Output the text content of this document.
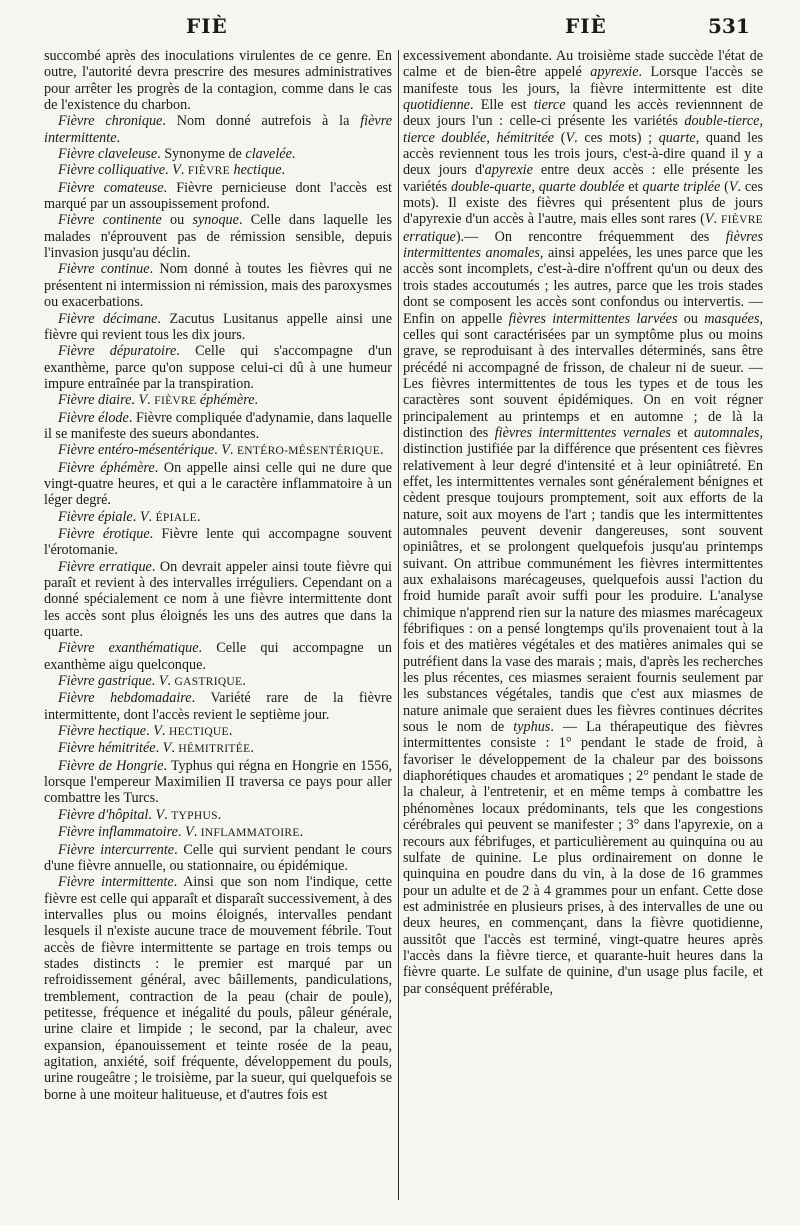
FIÈ	FIÈ	531

succombé après des inoculations virulentes de ce genre. En outre, l'autorité devra prescrire des mesures administratives pour arrêter les progrès de la contagion, comme dans le cas de l'existence du charbon.

Fièvre chronique. Nom donné autrefois à la fièvre intermittente.

Fièvre claveleuse. Synonyme de clavelée.

Fièvre colliquative. V. FIÈVRE hectique.

Fièvre comateuse. Fièvre pernicieuse dont l'accès est marqué par un assoupissement profond.

Fièvre continente ou synoque. Celle dans laquelle les malades n'éprouvent pas de rémission sensible, depuis l'invasion jusqu'au déclin.

Fièvre continue. Nom donné à toutes les fièvres qui ne présentent ni intermission ni rémission, mais des paroxysmes ou exacerbations.

Fièvre décimane. Zacutus Lusitanus appelle ainsi une fièvre qui revient tous les dix jours.

Fièvre dépuratoire. Celle qui s'accompagne d'un exanthème, parce qu'on suppose celui-ci dû à une humeur impure entraînée par la transpiration.

Fièvre diaire. V. FIÈVRE éphémère.

Fièvre élode. Fièvre compliquée d'adynamie, dans laquelle il se manifeste des sueurs abondantes.

Fièvre entéro-mésentérique. V. ENTÉRO-MÉSENTÉRIQUE.

Fièvre éphémère. On appelle ainsi celle qui ne dure que vingt-quatre heures, et qui a le caractère inflammatoire à un léger degré.

Fièvre épiale. V. ÉPIALE.

Fièvre érotique. Fièvre lente qui accompagne souvent l'érotomanie.

Fièvre erratique. On devrait appeler ainsi toute fièvre qui paraît et revient à des intervalles irréguliers. Cependant on a donné spécialement ce nom à une fièvre intermittente dont les accès sont plus éloignés les uns des autres que dans la quarte.

Fièvre exanthématique. Celle qui accompagne un exanthème aigu quelconque.

Fièvre gastrique. V. GASTRIQUE.

Fièvre hebdomadaire. Variété rare de la fièvre intermittente, dont l'accès revient le septième jour.

Fièvre hectique. V. HECTIQUE.

Fièvre hémitritée. V. HÉMITRITÉE.

Fièvre de Hongrie. Typhus qui régna en Hongrie en 1556, lorsque l'empereur Maximilien II traversa ce pays pour aller combattre les Turcs.

Fièvre d'hôpital. V. TYPHUS.

Fièvre inflammatoire. V. INFLAMMATOIRE.

Fièvre intercurrente. Celle qui survient pendant le cours d'une fièvre annuelle, ou stationnaire, ou épidémique.

Fièvre intermittente. Ainsi que son nom l'indique, cette fièvre est celle qui apparaît et disparaît successivement, à des intervalles plus ou moins éloignés, intervalles pendant lesquels il n'existe aucune trace de mouvement fébrile. Tout accès de fièvre intermittente se partage en trois temps ou stades distincts : le premier est marqué par un refroidissement général, avec bâillements, pandiculations, tremblement, contraction de la peau (chair de poule), petitesse, fréquence et inégalité du pouls, pâleur générale, urine claire et limpide ; le second, par la chaleur, avec expansion, épanouissement et teinte rosée de la peau, agitation, anxiété, soif fréquente, développement du pouls, urine rougeâtre ; le troisième, par la sueur, qui quelquefois se borne à une moiteur halitueuse, et d'autres fois est

excessivement abondante. Au troisième stade succède l'état de calme et de bien-être appelé apyrexie. Lorsque l'accès se manifeste tous les jours, la fièvre intermittente est dite quotidienne. Elle est tierce quand les accès reviennnent de deux jours l'un : celle-ci présente les variétés double-tierce, tierce doublée, hémitritée (V. ces mots) ; quarte, quand les accès reviennent tous les trois jours, c'est-à-dire quand il y a deux jours d'apyrexie entre deux accès : elle présente les variétés double-quarte, quarte doublée et quarte triplée (V. ces mots). Il existe des fièvres qui présentent plus de jours d'apyrexie d'un accès à l'autre, mais elles sont rares (V. FIÈVRE erratique).— On rencontre fréquemment des fièvres intermittentes anomales, ainsi appelées, les unes parce que les accès sont incomplets, c'est-à-dire n'offrent qu'un ou deux des trois stades accoutumés ; les autres, parce que les trois stades dont se composent les accès sont confondus ou intervertis. — Enfin on appelle fièvres intermittentes larvées ou masquées, celles qui sont caractérisées par un symptôme plus ou moins grave, se reproduisant à des intervalles déterminés, sans être précédé ni accompagné de frisson, de chaleur ni de sueur. — Les fièvres intermittentes de tous les types et de tous les caractères sont souvent épidémiques. On en voit régner principalement au printemps et en automne ; de là la distinction des fièvres intermittentes vernales et automnales, distinction justifiée par la différence que présentent ces fièvres relativement à leur degré d'intensité et à leur opiniâtreté. En effet, les intermittentes vernales sont généralement bénignes et cèdent presque toujours promptement, soit aux efforts de la nature, soit aux moyens de l'art ; tandis que les intermittentes automnales peuvent devenir dangereuses, sont souvent opiniâtres, et se prolongent quelquefois jusqu'au printemps suivant. On attribue communément les fièvres intermittentes aux exhalaisons marécageuses, quelquefois aussi l'action du froid humide paraît avoir suffi pour les produire. L'analyse chimique n'apprend rien sur la nature des miasmes marécageux fébrifiques : on a pensé longtemps qu'ils provenaient tout à la fois et des matières végétales et des matières animales qui se putréfient dans la vase des marais ; mais, d'après les recherches les plus récentes, ces miasmes seraient fournis seulement par les substances végétales, tandis que c'est aux miasmes de nature animale que seraient dues les fièvres continues décrites sous le nom de typhus. — La thérapeutique des fièvres intermittentes consiste : 1° pendant le stade de froid, à favoriser le développement de la chaleur par des boissons diaphorétiques chaudes et aromatiques ; 2° pendant le stade de la chaleur, à l'entretenir, et en même temps à combattre les phénomènes locaux prédominants, tels que les congestions cérébrales qui peuvent se manifester ; 3° dans l'apyrexie, on a recours aux fébrifuges, et particulièrement au quinquina ou au sulfate de quinine. Le plus ordinairement on donne le quinquina en poudre dans du vin, à la dose de 16 grammes pour un adulte et de 2 à 4 grammes pour un enfant. Cette dose est administrée en plusieurs prises, à des intervalles de une ou deux heures, en commençant, dans la fièvre quotidienne, aussitôt que l'accès est terminé, vingt-quatre heures après l'accès dans la fièvre tierce, et quarante-huit heures dans la fièvre quarte. Le sulfate de quinine, d'un usage plus facile, et par conséquent préférable,
